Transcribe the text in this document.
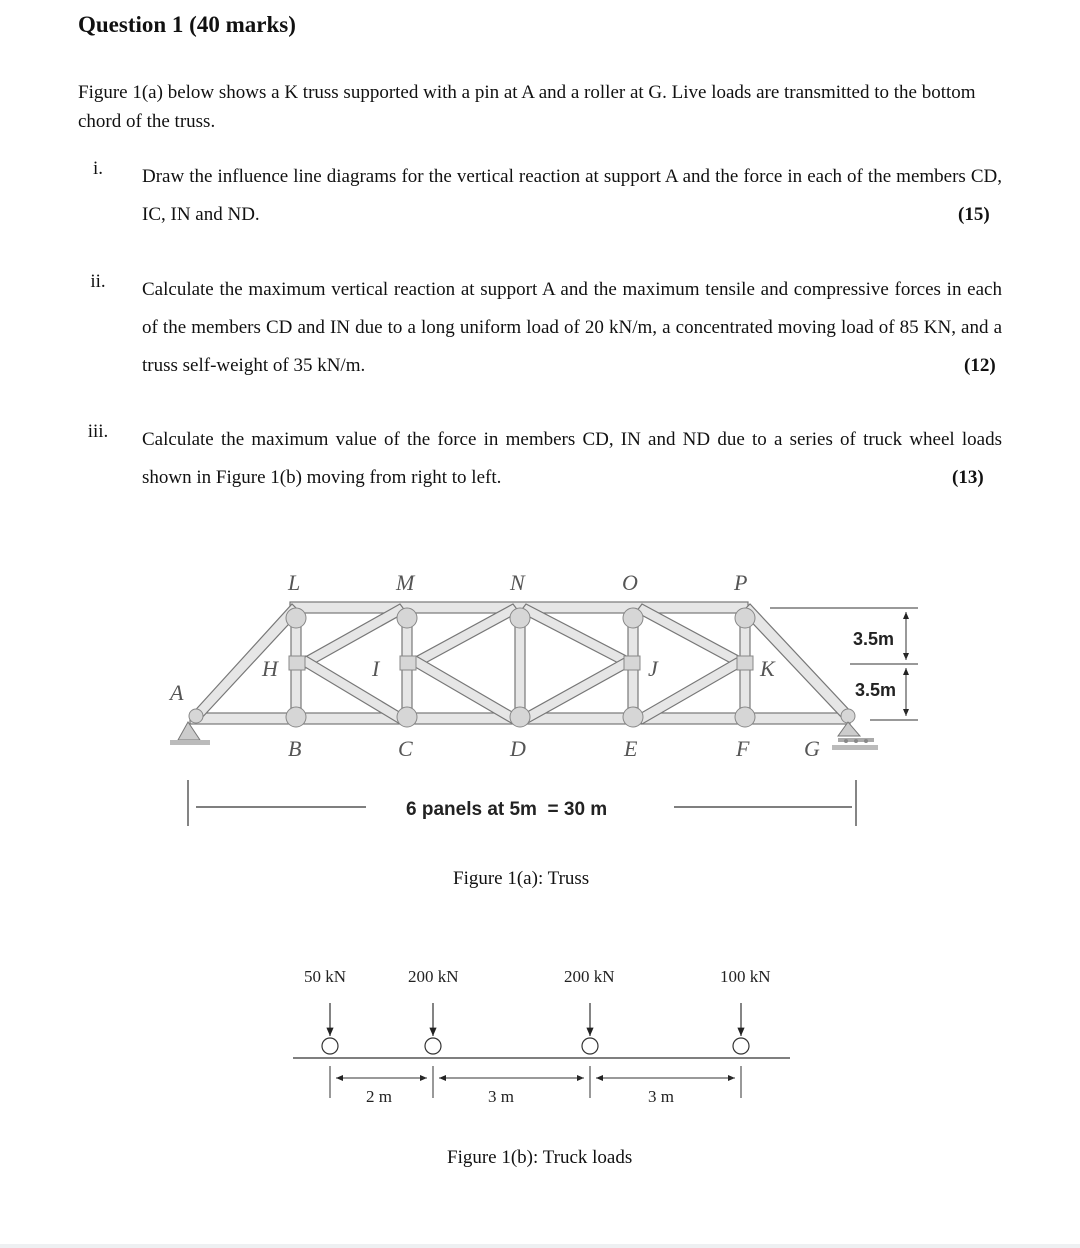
Question 1 (40 marks)
Figure 1(a) below shows a K truss supported with a pin at A and a roller at G. Live loads are transmitted to the bottom chord of the truss.
i.	Draw the influence line diagrams for the vertical reaction at support A and the force in each of the members CD, IC, IN and ND.	(15)
ii.	Calculate the maximum vertical reaction at support A and the maximum tensile and compressive forces in each of the members CD and IN due to a long uniform load of 20 kN/m, a concentrated moving load of 85 KN, and a truss self-weight of 35 kN/m.	(12)
iii.	Calculate the maximum value of the force in members CD, IN and ND due to a series of truck wheel loads shown in Figure 1(b) moving from right to left.	(13)
L	M	N	O	P
H	I	J	K
A
B	C	D	E	F G
3.5m
3.5m
6 panels at 5m  = 30 m
50 kN	200 kN	200 kN	100 kN
2 m	3 m	3 m
Figure 1(a): Truss
Figure 1(b): Truck loads
